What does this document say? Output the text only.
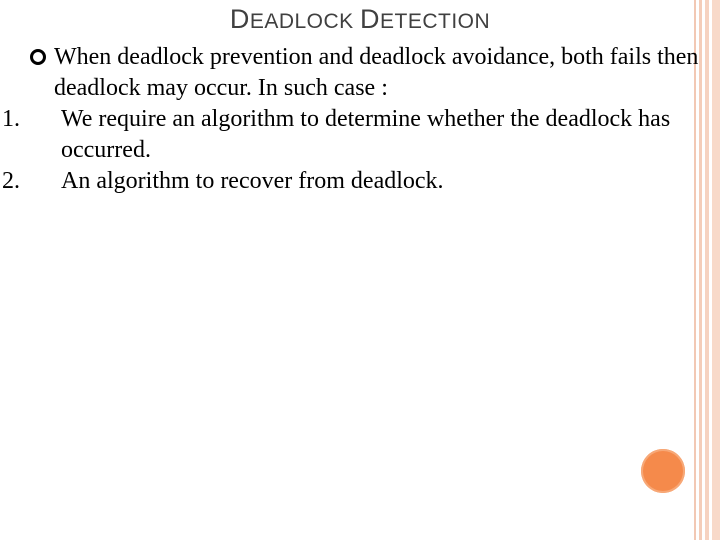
DEADLOCK DETECTION
When deadlock prevention and deadlock avoidance, both fails then deadlock may occur. In such case :
1. We require an algorithm to determine whether the deadlock has occurred.
2. An algorithm to recover from deadlock.
